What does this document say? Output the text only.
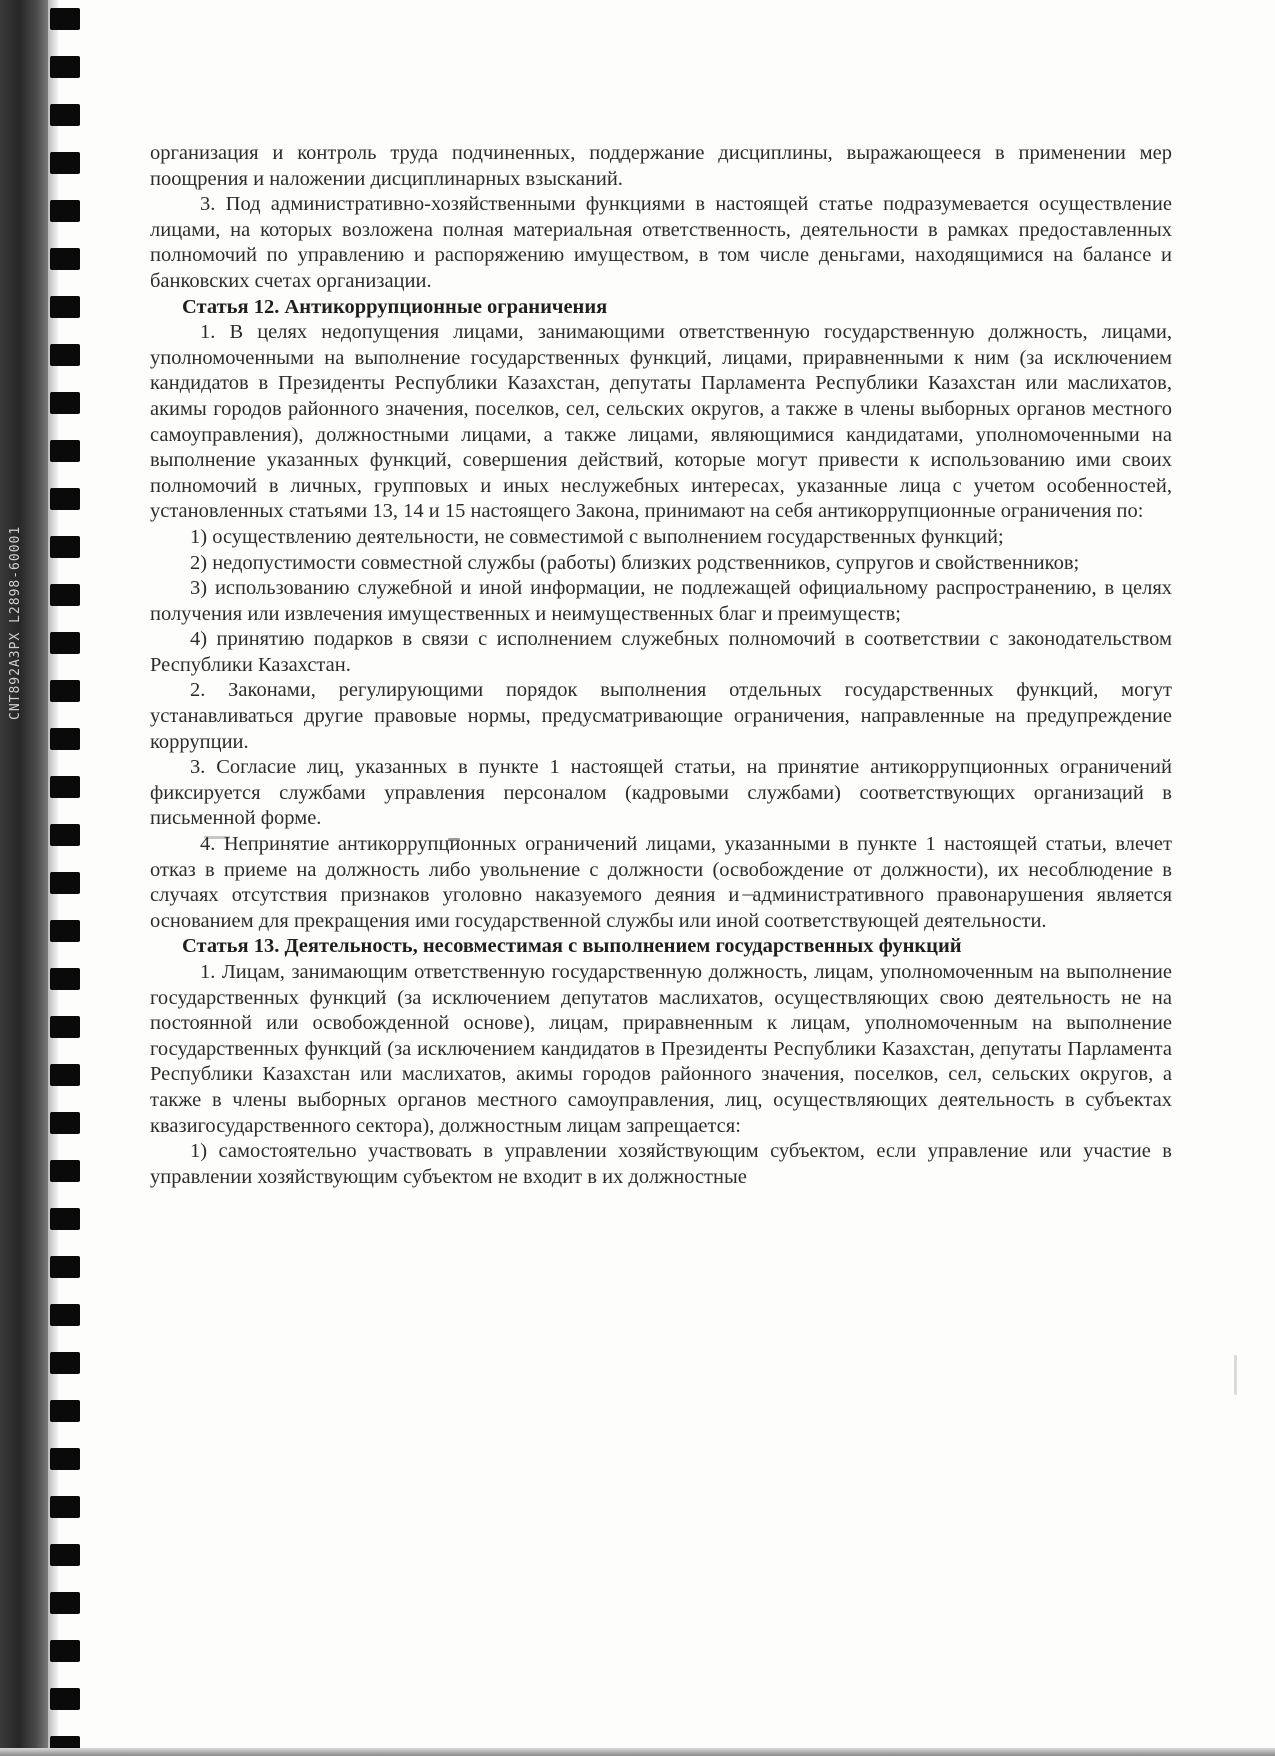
CNT892A3PX L2898-60001

организация и контроль труда подчиненных, поддержание дисциплины, выражающееся в применении мер поощрения и наложении дисциплинарных взысканий.

3. Под административно-хозяйственными функциями в настоящей статье подразумевается осуществление лицами, на которых возложена полная материальная ответственность, деятельности в рамках предоставленных полномочий по управлению и распоряжению имуществом, в том числе деньгами, находящимися на балансе и банковских счетах организации.

Статья 12. Антикоррупционные ограничения

1. В целях недопущения лицами, занимающими ответственную государственную должность, лицами, уполномоченными на выполнение государственных функций, лицами, приравненными к ним (за исключением кандидатов в Президенты Республики Казахстан, депутаты Парламента Республики Казахстан или маслихатов, акимы городов районного значения, поселков, сел, сельских округов, а также в члены выборных органов местного самоуправления), должностными лицами, а также лицами, являющимися кандидатами, уполномоченными на выполнение указанных функций, совершения действий, которые могут привести к использованию ими своих полномочий в личных, групповых и иных неслужебных интересах, указанные лица с учетом особенностей, установленных статьями 13, 14 и 15 настоящего Закона, принимают на себя антикоррупционные ограничения по:

1) осуществлению деятельности, не совместимой с выполнением государственных функций;

2) недопустимости совместной службы (работы) близких родственников, супругов и свойственников;

3) использованию служебной и иной информации, не подлежащей официальному распространению, в целях получения или извлечения имущественных и неимущественных благ и преимуществ;

4) принятию подарков в связи с исполнением служебных полномочий в соответствии с законодательством Республики Казахстан.

2. Законами, регулирующими порядок выполнения отдельных государственных функций, могут устанавливаться другие правовые нормы, предусматривающие ограничения, направленные на предупреждение коррупции.

3. Согласие лиц, указанных в пункте 1 настоящей статьи, на принятие антикоррупционных ограничений фиксируется службами управления персоналом (кадровыми службами) соответствующих организаций в письменной форме.

4. Непринятие антикоррупционных ограничений лицами, указанными в пункте 1 настоящей статьи, влечет отказ в приеме на должность либо увольнение с должности (освобождение от должности), их несоблюдение в случаях отсутствия признаков уголовно наказуемого деяния и административного правонарушения является основанием для прекращения ими государственной службы или иной соответствующей деятельности.

Статья 13. Деятельность, несовместимая с выполнением государственных функций

1. Лицам, занимающим ответственную государственную должность, лицам, уполномоченным на выполнение государственных функций (за исключением депутатов маслихатов, осуществляющих свою деятельность не на постоянной или освобожденной основе), лицам, приравненным к лицам, уполномоченным на выполнение государственных функций (за исключением кандидатов в Президенты Республики Казахстан, депутаты Парламента Республики Казахстан или маслихатов, акимы городов районного значения, поселков, сел, сельских округов, а также в члены выборных органов местного самоуправления, лиц, осуществляющих деятельность в субъектах квазигосударственного сектора), должностным лицам запрещается:

1) самостоятельно участвовать в управлении хозяйствующим субъектом, если управление или участие в управлении хозяйствующим субъектом не входит в их должностные
